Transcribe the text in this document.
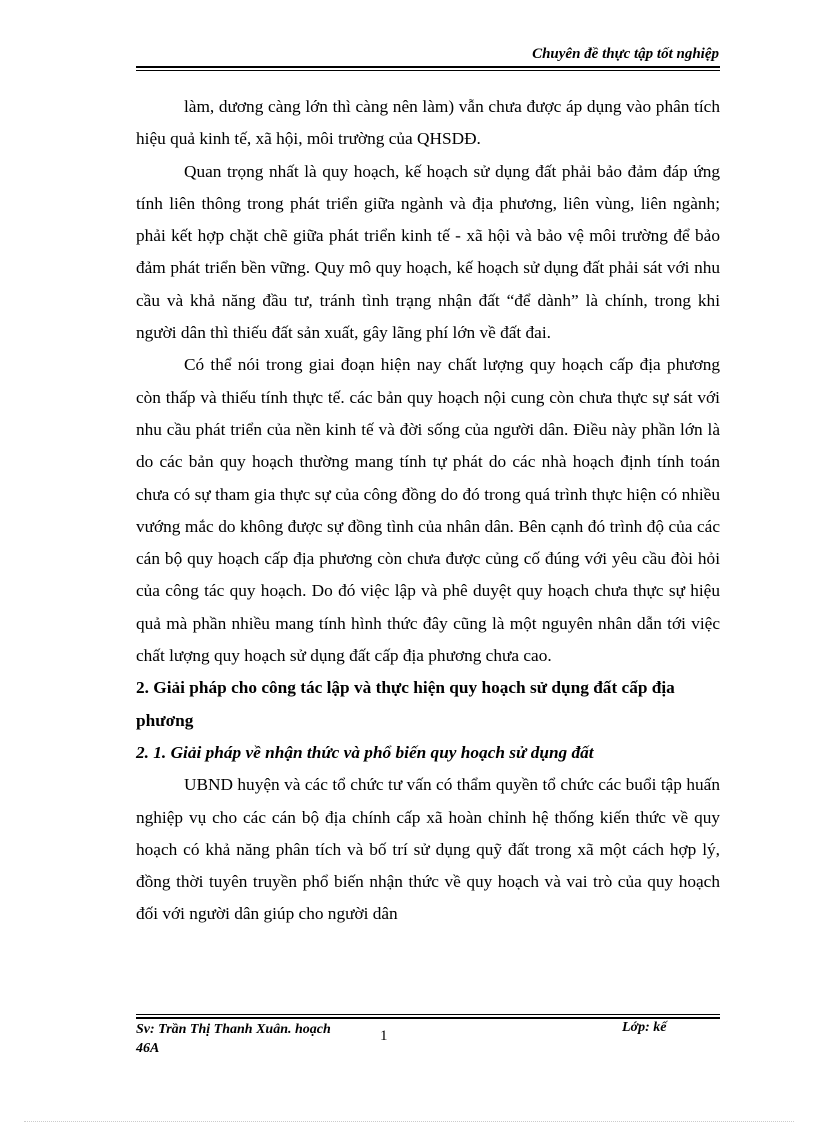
Chuyên đề thực tập tốt nghiệp

làm, dương càng lớn thì càng nên làm) vẫn chưa được áp dụng vào phân tích hiệu quả kinh tế, xã hội, môi trường của QHSDĐ.

Quan trọng nhất là quy hoạch, kế hoạch sử dụng đất phải bảo đảm đáp ứng tính liên thông trong phát triển giữa ngành và địa phương, liên vùng, liên ngành; phải kết hợp chặt chẽ giữa phát triển kinh tế - xã hội và bảo vệ môi trường để bảo đảm phát triển bền vững. Quy mô quy hoạch, kế hoạch sử dụng đất phải sát với nhu cầu và khả năng đầu tư, tránh tình trạng nhận đất “để dành” là chính, trong khi người dân thì thiếu đất sản xuất, gây lãng phí lớn về đất đai.

Có thể nói trong giai đoạn hiện nay chất lượng quy hoạch cấp địa phương còn thấp và thiếu tính thực tế. các bản quy hoạch nội cung còn chưa thực sự sát với nhu cầu phát triển của nền kinh tế và đời sống của người dân. Điều này phần lớn là do các bản quy hoạch thường mang tính tự phát do các nhà hoạch định tính toán chưa có sự tham gia thực sự của công đồng do đó trong quá trình thực hiện có nhiều vướng mắc do không được sự đồng tình của nhân dân. Bên cạnh đó trình độ của các cán bộ quy hoạch cấp địa phương còn chưa được củng cố đúng với yêu cầu đòi hỏi của công tác quy hoạch. Do đó việc lập và phê duyệt quy hoạch chưa thực sự hiệu quả mà phần nhiều mang tính hình thức đây cũng là một nguyên nhân dẫn tới việc chất lượng quy hoạch sử dụng đất cấp địa phương chưa cao.

2. Giải pháp cho công tác lập và thực hiện quy hoạch sử dụng đất cấp địa phương
2. 1. Giải pháp về nhận thức và phổ biến quy hoạch sử dụng đất

UBND huyện và các tổ chức tư vấn có thẩm quyền tổ chức các buổi tập huấn nghiệp vụ cho các cán bộ địa chính cấp xã hoàn chỉnh hệ thống kiến thức về quy hoạch có khả năng phân tích và bố trí sử dụng quỹ đất trong xã một cách hợp lý, đồng thời tuyên truyền phổ biến nhận thức về quy hoạch và vai trò của quy hoạch đối với người dân giúp cho người dân

Sv: Trần Thị Thanh Xuân. hoạch 46A
1
Lớp: kế
